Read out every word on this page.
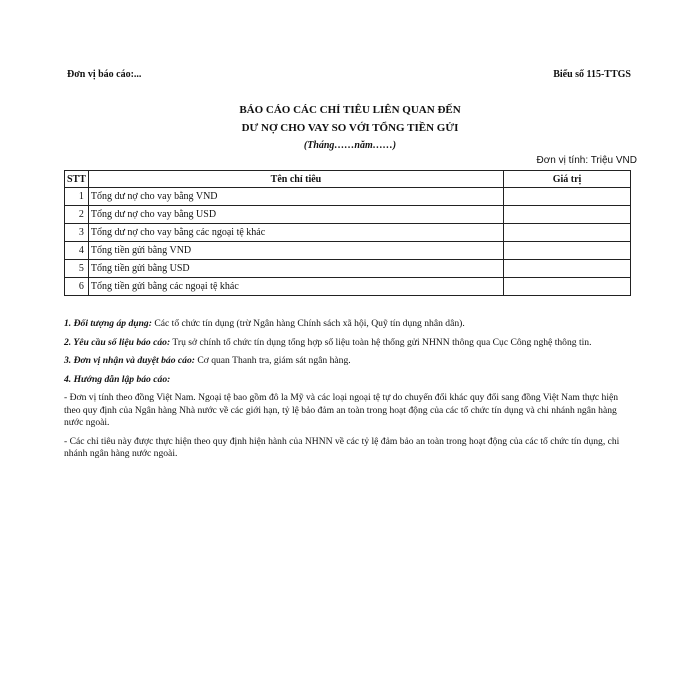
Đơn vị báo cáo:...	Biểu số 115-TTGS
BÁO CÁO CÁC CHỈ TIÊU LIÊN QUAN ĐẾN
DƯ NỢ CHO VAY SO VỚI TỔNG TIỀN GỬI
(Tháng……năm……)
Đơn vị tính: Triệu VND
STT	Tên chỉ tiêu	Giá trị
1	Tổng dư nợ cho vay bằng VND	
2	Tổng dư nợ cho vay bằng USD	
3	Tổng dư nợ cho vay bằng các ngoại tệ khác	
4	Tổng tiền gửi bằng VND	
5	Tổng tiền gửi bằng USD	
6	Tổng tiền gửi bằng các ngoại tệ khác	

1. Đối tượng áp dụng: Các tổ chức tín dụng (trừ Ngân hàng Chính sách xã hội, Quỹ tín dụng nhân dân).

2. Yêu cầu số liệu báo cáo: Trụ sở chính tổ chức tín dụng tổng hợp số liệu toàn hệ thống gửi NHNN thông qua Cục Công nghệ thông tin.

3. Đơn vị nhận và duyệt báo cáo: Cơ quan Thanh tra, giám sát ngân hàng.

4. Hướng dẫn lập báo cáo:

- Đơn vị tính theo đồng Việt Nam. Ngoại tệ bao gồm đô la Mỹ và các loại ngoại tệ tự do chuyển đổi khác quy đổi sang đồng Việt Nam thực hiện theo quy định của Ngân hàng Nhà nước về các giới hạn, tỷ lệ bảo đảm an toàn trong hoạt động của các tổ chức tín dụng và chi nhánh ngân hàng nước ngoài.

- Các chỉ tiêu này được thực hiện theo quy định hiện hành của NHNN về các tỷ lệ đảm bảo an toàn trong hoạt động của các tổ chức tín dụng, chi nhánh ngân hàng nước ngoài.
